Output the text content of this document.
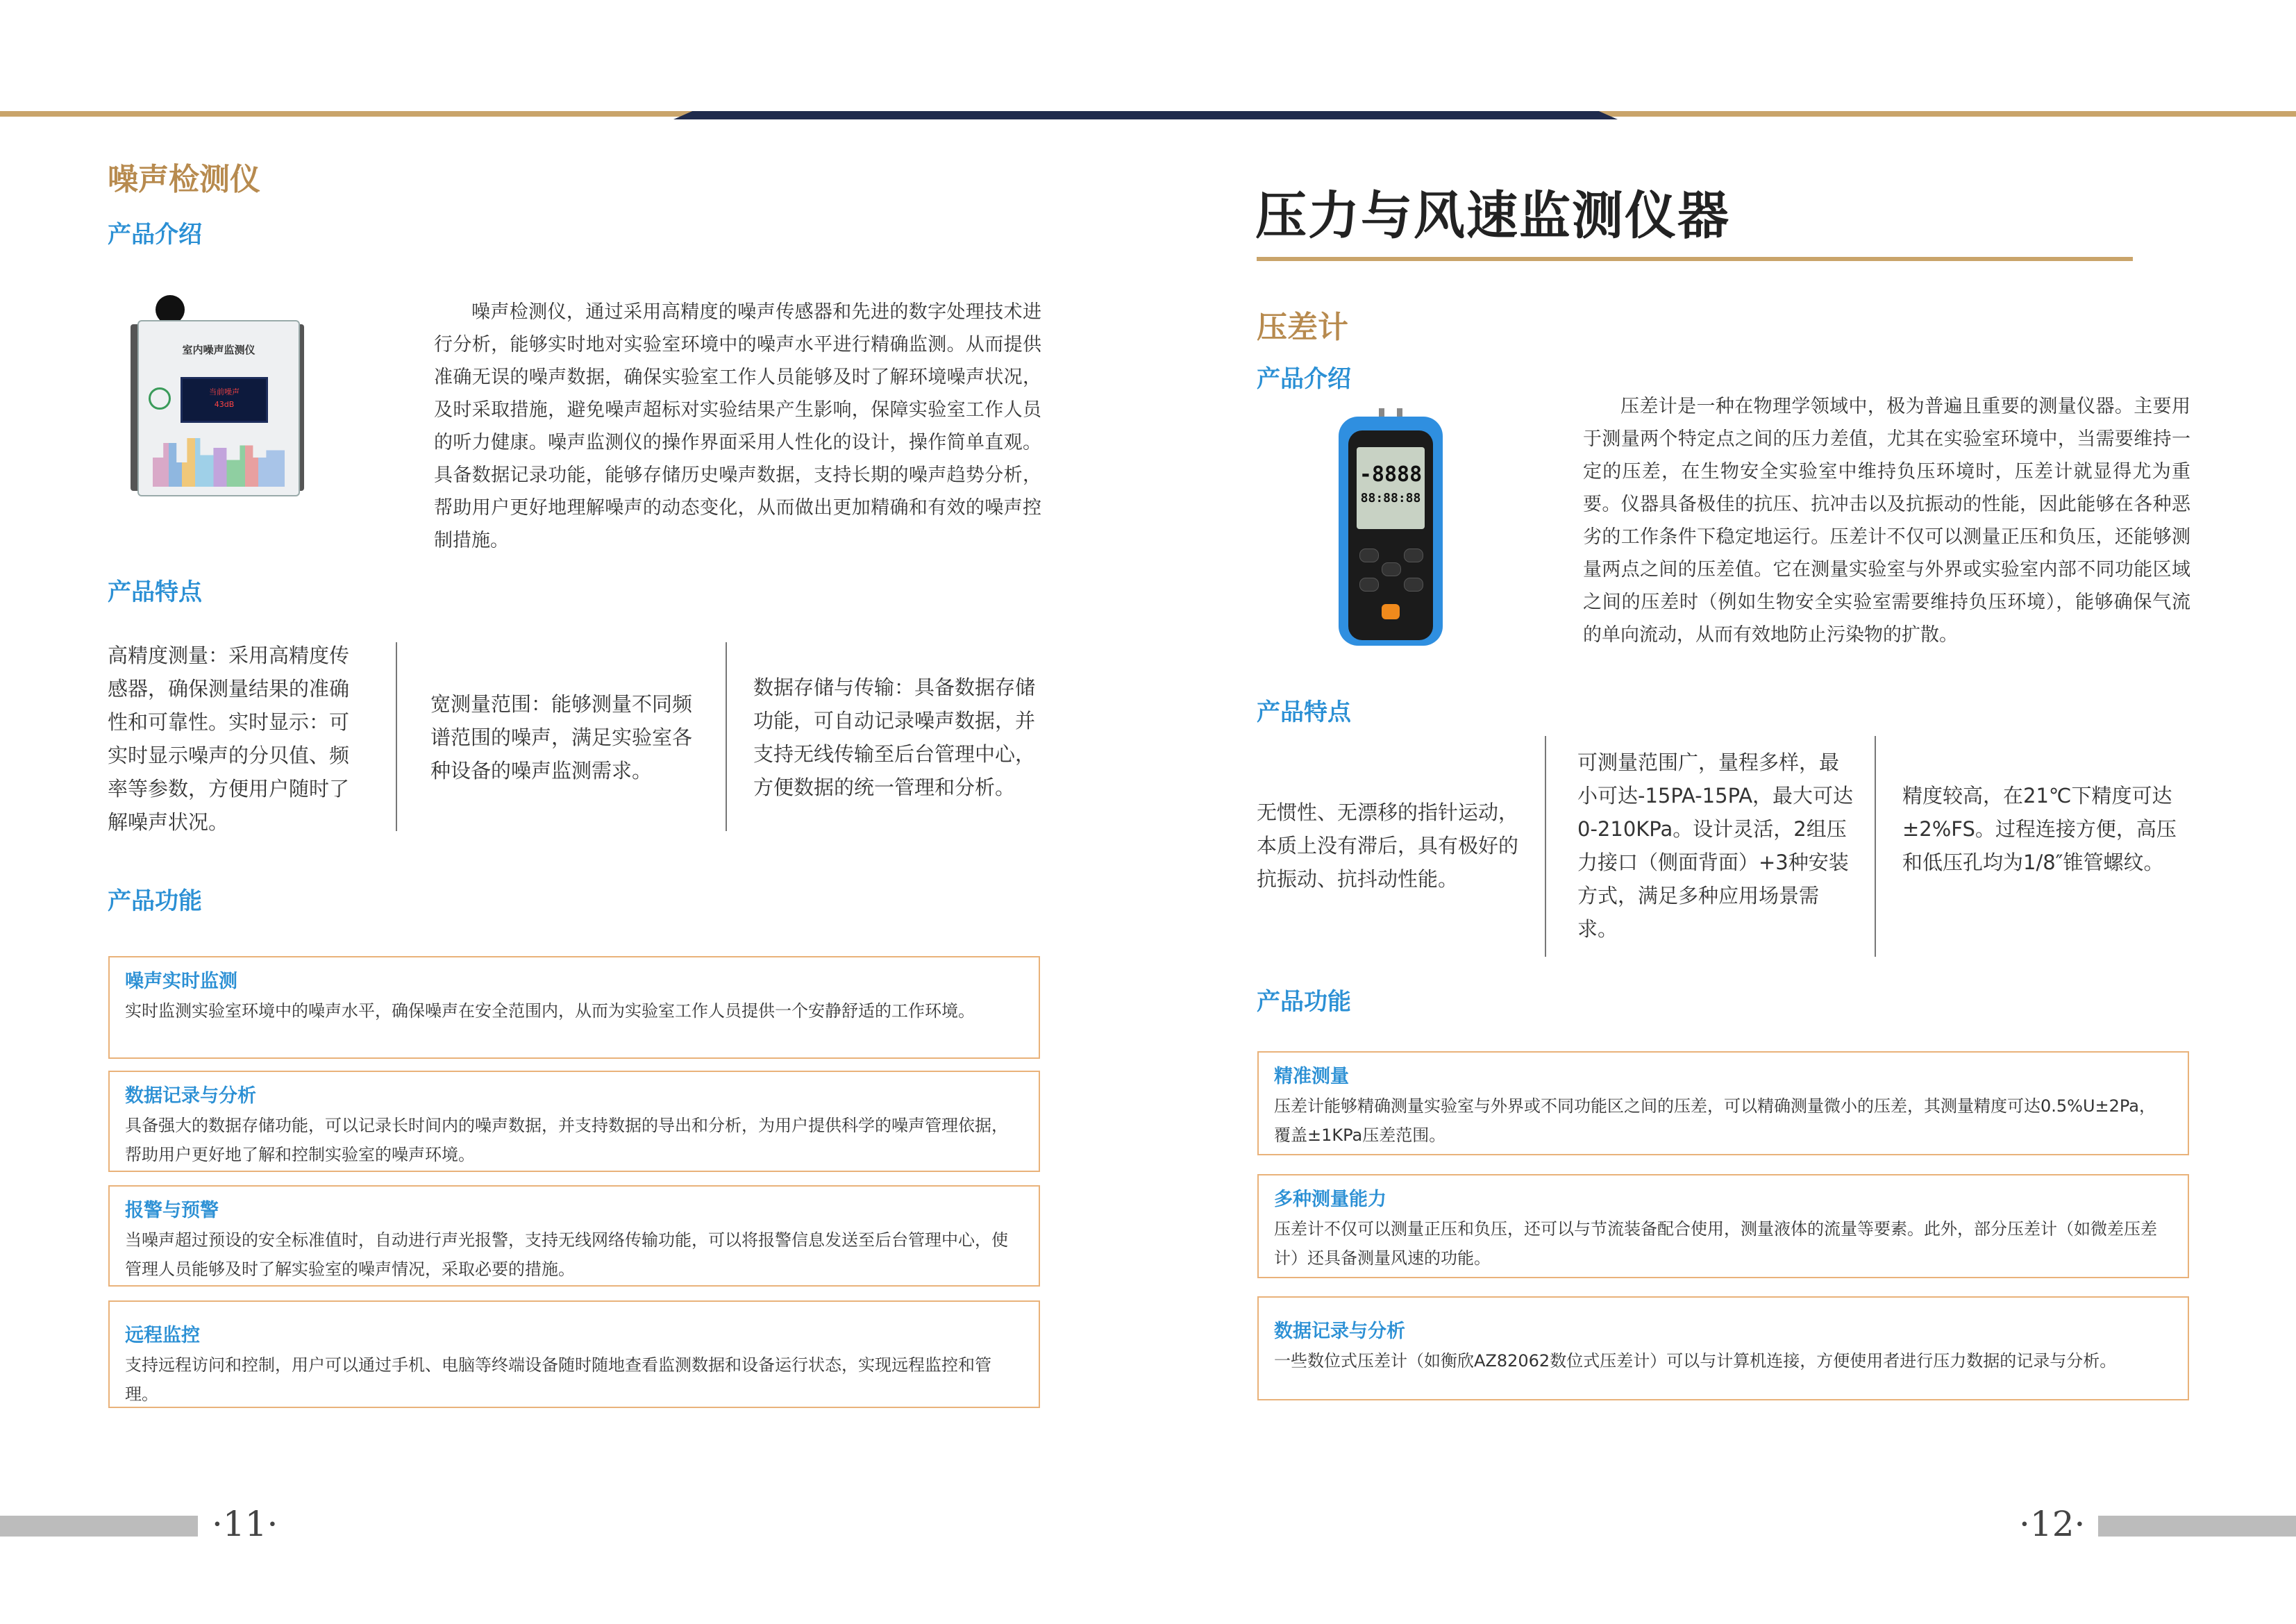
噪声检测仪
产品介绍
室内噪声监测仪
当前噪声
43dB
噪声检测仪，通过采用高精度的噪声传感器和先进的数字处理技术进行分析，能够实时地对实验室环境中的噪声水平进行精确监测。从而提供准确无误的噪声数据，确保实验室工作人员能够及时了解环境噪声状况，及时采取措施，避免噪声超标对实验结果产生影响，保障实验室工作人员的听力健康。噪声监测仪的操作界面采用人性化的设计，操作简单直观。具备数据记录功能，能够存储历史噪声数据，支持长期的噪声趋势分析，帮助用户更好地理解噪声的动态变化，从而做出更加精确和有效的噪声控制措施。
产品特点
高精度测量：采用高精度传感器，确保测量结果的准确性和可靠性。实时显示：可实时显示噪声的分贝值、频率等参数，方便用户随时了解噪声状况。
宽测量范围：能够测量不同频谱范围的噪声，满足实验室各种设备的噪声监测需求。
数据存储与传输：具备数据存储功能，可自动记录噪声数据，并支持无线传输至后台管理中心，方便数据的统一管理和分析。
产品功能
噪声实时监测
实时监测实验室环境中的噪声水平，确保噪声在安全范围内，从而为实验室工作人员提供一个安静舒适的工作环境。
数据记录与分析
具备强大的数据存储功能，可以记录长时间内的噪声数据，并支持数据的导出和分析，为用户提供科学的噪声管理依据，帮助用户更好地了解和控制实验室的噪声环境。
报警与预警
当噪声超过预设的安全标准值时，自动进行声光报警，支持无线网络传输功能，可以将报警信息发送至后台管理中心，使管理人员能够及时了解实验室的噪声情况，采取必要的措施。
远程监控
支持远程访问和控制，用户可以通过手机、电脑等终端设备随时随地查看监测数据和设备运行状态，实现远程监控和管理。
·11·
压力与风速监测仪器
压差计
产品介绍
-8888
88:88:88
压差计是一种在物理学领域中，极为普遍且重要的测量仪器。主要用于测量两个特定点之间的压力差值，尤其在实验室环境中，当需要维持一定的压差，在生物安全实验室中维持负压环境时，压差计就显得尤为重要。仪器具备极佳的抗压、抗冲击以及抗振动的性能，因此能够在各种恶劣的工作条件下稳定地运行。压差计不仅可以测量正压和负压，还能够测量两点之间的压差值。它在测量实验室与外界或实验室内部不同功能区域之间的压差时（例如生物安全实验室需要维持负压环境），能够确保气流的单向流动，从而有效地防止污染物的扩散。
产品特点
无惯性、无漂移的指针运动，本质上没有滞后，具有极好的抗振动、抗抖动性能。
可测量范围广，量程多样，最小可达-15PA-15PA，最大可达0-210KPa。设计灵活，2组压力接口（侧面背面）+3种安装方式，满足多种应用场景需求。
精度较高，在21℃下精度可达±2%FS。过程连接方便，高压和低压孔均为1/8″锥管螺纹。
产品功能
精准测量
压差计能够精确测量实验室与外界或不同功能区之间的压差，可以精确测量微小的压差，其测量精度可达0.5%U±2Pa，覆盖±1KPa压差范围。
多种测量能力
压差计不仅可以测量正压和负压，还可以与节流装备配合使用，测量液体的流量等要素。此外，部分压差计（如微差压差计）还具备测量风速的功能。
数据记录与分析
一些数位式压差计（如衡欣AZ82062数位式压差计）可以与计算机连接，方便使用者进行压力数据的记录与分析。
·12·
